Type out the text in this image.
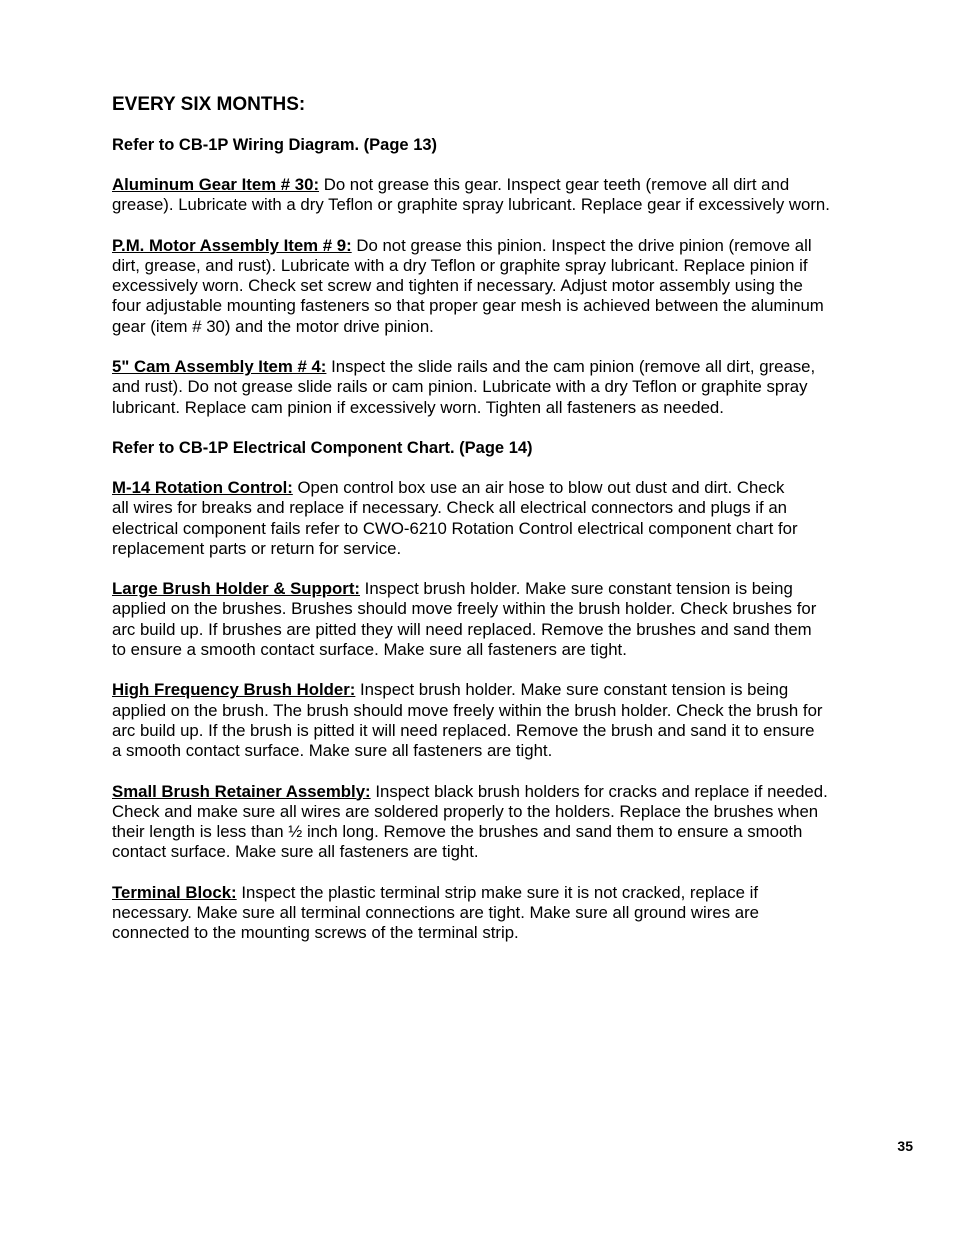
EVERY SIX MONTHS:
Refer to CB-1P Wiring Diagram. (Page 13)
Aluminum Gear Item # 30: Do not grease this gear. Inspect gear teeth (remove all dirt and
grease). Lubricate with a dry Teflon or graphite spray lubricant. Replace gear if excessively worn.
P.M. Motor Assembly Item # 9: Do not grease this pinion. Inspect the drive pinion (remove all
dirt, grease, and rust). Lubricate with a dry Teflon or graphite spray lubricant. Replace pinion if
excessively worn. Check set screw and tighten if necessary. Adjust motor assembly using the
four adjustable mounting fasteners so that proper gear mesh is achieved between the aluminum
gear (item # 30) and the motor drive pinion.
5" Cam Assembly Item # 4: Inspect the slide rails and the cam pinion (remove all dirt, grease,
and rust). Do not grease slide rails or cam pinion. Lubricate with a dry Teflon or graphite spray
lubricant. Replace cam pinion if excessively worn. Tighten all fasteners as needed.
Refer to CB-1P Electrical Component Chart. (Page 14)
M-14 Rotation Control: Open control box use an air hose to blow out dust and dirt. Check
all wires for breaks and replace if necessary. Check all electrical connectors and plugs if an
electrical component fails refer to CWO-6210 Rotation Control electrical component chart for
replacement parts or return for service.
Large Brush Holder & Support: Inspect brush holder. Make sure constant tension is being
applied on the brushes. Brushes should move freely within the brush holder. Check brushes for
arc build up. If brushes are pitted they will need replaced. Remove the brushes and sand them
to ensure a smooth contact surface. Make sure all fasteners are tight.
High Frequency Brush Holder: Inspect brush holder. Make sure constant tension is being
applied on the brush. The brush should move freely within the brush holder. Check the brush for
arc build up. If the brush is pitted it will need replaced. Remove the brush and sand it to ensure
a smooth contact surface. Make sure all fasteners are tight.
Small Brush Retainer Assembly: Inspect black brush holders for cracks and replace if needed.
Check and make sure all wires are soldered properly to the holders. Replace the brushes when
their length is less than ½ inch long. Remove the brushes and sand them to ensure a smooth
contact surface. Make sure all fasteners are tight.
Terminal Block: Inspect the plastic terminal strip make sure it is not cracked, replace if
necessary. Make sure all terminal connections are tight. Make sure all ground wires are
connected to the mounting screws of the terminal strip.
35
